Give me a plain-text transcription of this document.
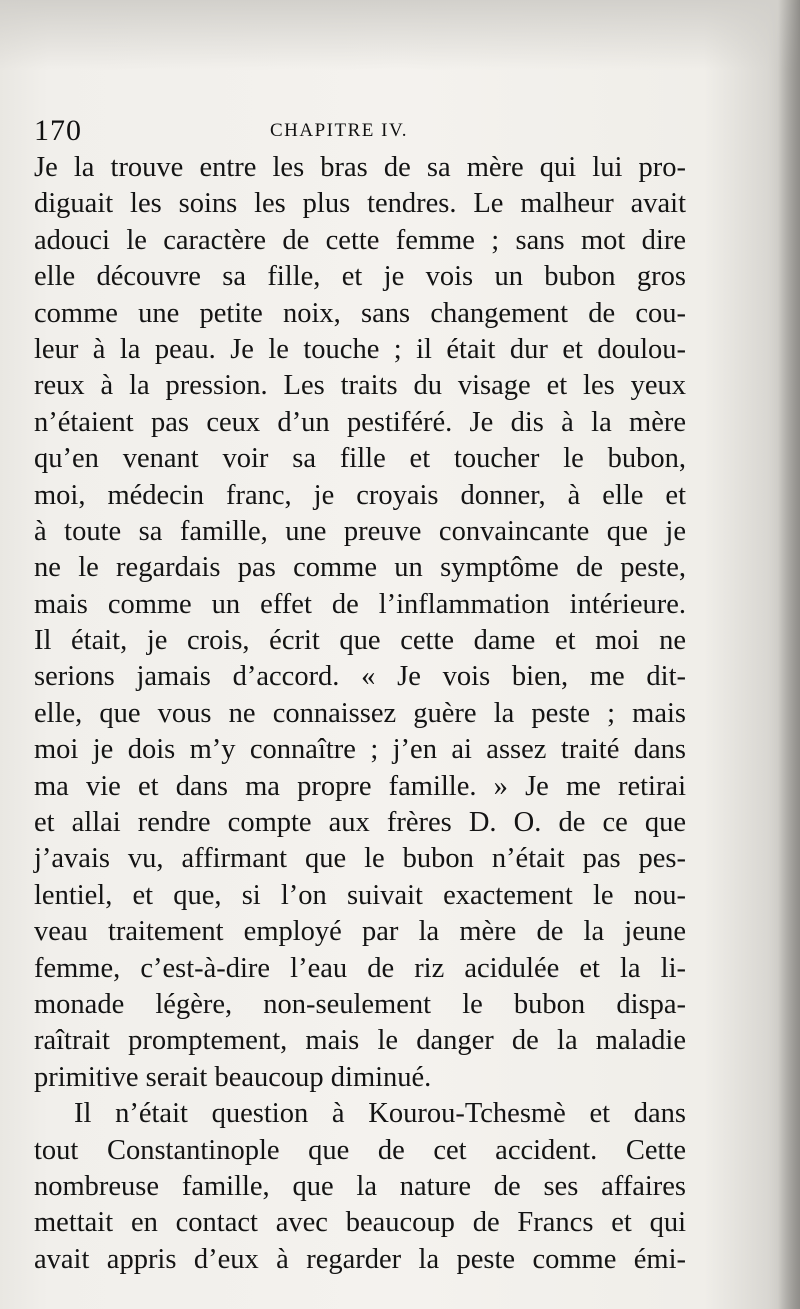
170	CHAPITRE IV.
Je la trouve entre les bras de sa mère qui lui pro-
diguait les soins les plus tendres. Le malheur avait
adouci le caractère de cette femme ; sans mot dire
elle découvre sa fille, et je vois un bubon gros
comme une petite noix, sans changement de cou-
leur à la peau. Je le touche ; il était dur et doulou-
reux à la pression. Les traits du visage et les yeux
n’étaient pas ceux d’un pestiféré. Je dis à la mère
qu’en venant voir sa fille et toucher le bubon,
moi, médecin franc, je croyais donner, à elle et
à toute sa famille, une preuve convaincante que je
ne le regardais pas comme un symptôme de peste,
mais comme un effet de l’inflammation intérieure.
Il était, je crois, écrit que cette dame et moi ne
serions jamais d’accord. « Je vois bien, me dit-
elle, que vous ne connaissez guère la peste ; mais
moi je dois m’y connaître ; j’en ai assez traité dans
ma vie et dans ma propre famille. » Je me retirai
et allai rendre compte aux frères D. O. de ce que
j’avais vu, affirmant que le bubon n’était pas pes-
lentiel, et que, si l’on suivait exactement le nou-
veau traitement employé par la mère de la jeune
femme, c’est-à-dire l’eau de riz acidulée et la li-
monade légère, non-seulement le bubon dispa-
raîtrait promptement, mais le danger de la maladie
primitive serait beaucoup diminué.
Il n’était question à Kourou-Tchesmè et dans
tout Constantinople que de cet accident. Cette
nombreuse famille, que la nature de ses affaires
mettait en contact avec beaucoup de Francs et qui
avait appris d’eux à regarder la peste comme émi-
